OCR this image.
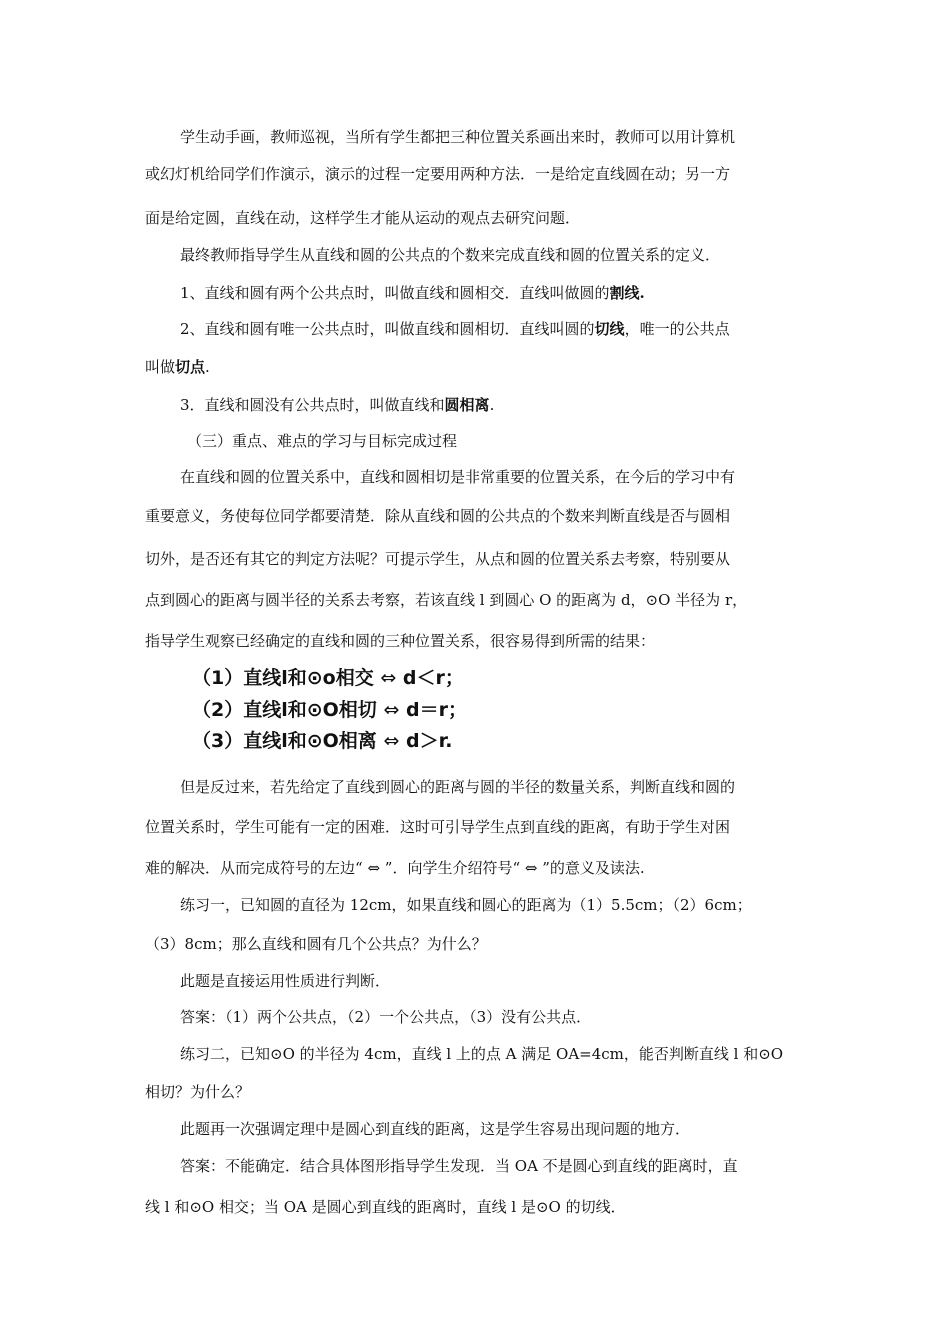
学生动手画，教师巡视，当所有学生都把三种位置关系画出来时，教师可以用计算机
或幻灯机给同学们作演示，演示的过程一定要用两种方法．一是给定直线圆在动；另一方
面是给定圆，直线在动，这样学生才能从运动的观点去研究问题．
最终教师指导学生从直线和圆的公共点的个数来完成直线和圆的位置关系的定义．
1、直线和圆有两个公共点时，叫做直线和圆相交．直线叫做圆的割线.
2、直线和圆有唯一公共点时，叫做直线和圆相切．直线叫圆的切线，唯一的公共点
叫做切点.
3．直线和圆没有公共点时，叫做直线和圆相离.
（三）重点、难点的学习与目标完成过程
在直线和圆的位置关系中，直线和圆相切是非常重要的位置关系，在今后的学习中有
重要意义，务使每位同学都要清楚．除从直线和圆的公共点的个数来判断直线是否与圆相
切外，是否还有其它的判定方法呢？可提示学生，从点和圆的位置关系去考察，特别要从
点到圆心的距离与圆半径的关系去考察，若该直线 l 到圆心 O 的距离为 d，⊙O 半径为 r，
指导学生观察已经确定的直线和圆的三种位置关系，很容易得到所需的结果：
（1）直线l和⊙o相交 ⇔ d＜r；
（2）直线l和⊙O相切 ⇔ d＝r；
（3）直线l和⊙O相离 ⇔ d＞r.
但是反过来，若先给定了直线到圆心的距离与圆的半径的数量关系，判断直线和圆的
位置关系时，学生可能有一定的困难．这时可引导学生点到直线的距离，有助于学生对困
难的解决．从而完成符号的左边“ ⇔ ”．向学生介绍符号“ ⇔ ”的意义及读法.
练习一，已知圆的直径为 12cm，如果直线和圆心的距离为（1）5.5cm；（2）6cm；
（3）8cm；那么直线和圆有几个公共点？为什么？
此题是直接运用性质进行判断．
答案：（1）两个公共点，（2）一个公共点，（3）没有公共点．
练习二，已知⊙O 的半径为 4cm，直线 l 上的点 A 满足 OA=4cm，能否判断直线 l 和⊙O
相切？为什么？
此题再一次强调定理中是圆心到直线的距离，这是学生容易出现问题的地方．
答案：不能确定．结合具体图形指导学生发现．当 OA 不是圆心到直线的距离时，直
线 l 和⊙O 相交；当 OA 是圆心到直线的距离时，直线 l 是⊙O 的切线．
